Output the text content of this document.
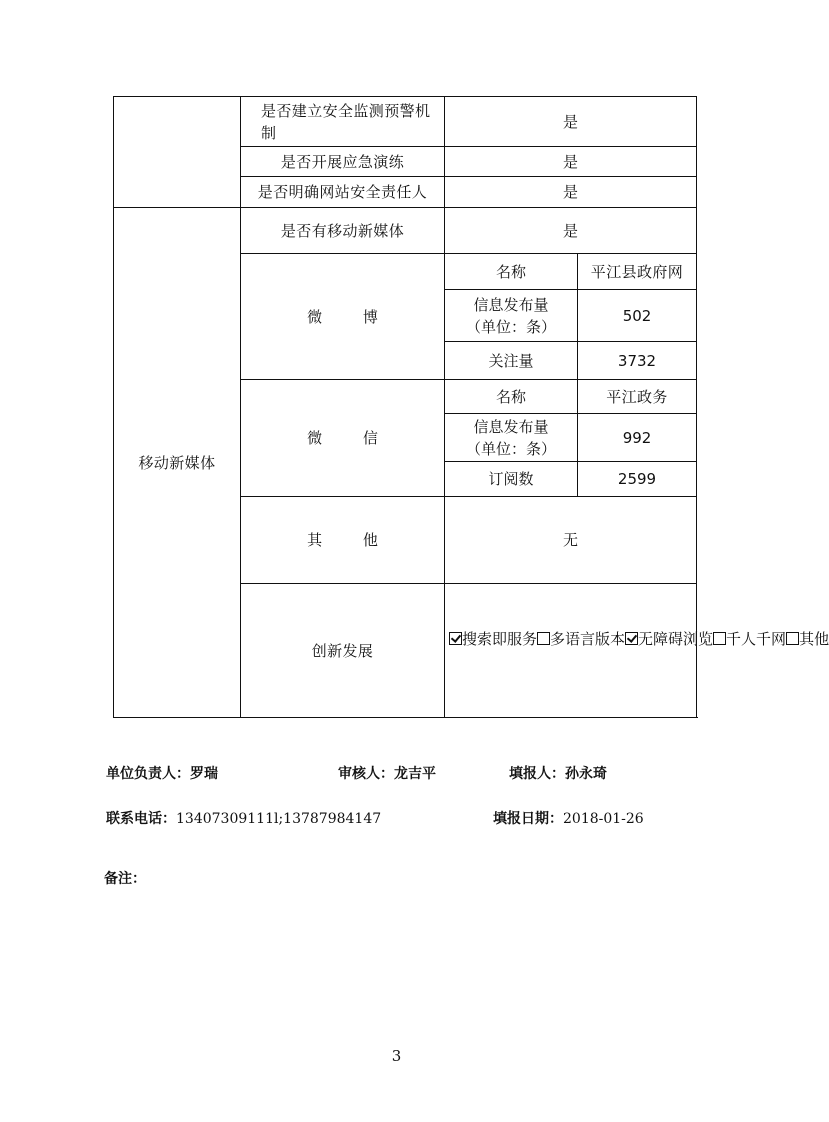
	是否建立安全监测预警机制	是	
	是否开展应急演练	是	
	是否明确网站安全责任人	是	
移动新媒体	是否有移动新媒体	是	
	微 博	名称	平江县政府网

		信息发布量
（单位：条）	502
		关注量	3732
	微 信	名称	平江政务

		信息发布量
（单位：条）	992
		订阅数	2599
	其 他	无	
	创新发展	搜索即服务 多语言版本 无障碍浏览 千人千网 其他	
单位负责人：罗瑞	审核人：龙吉平	填报人：孙永琦
联系电话：13407309111l;13787984147	填报日期：2018-01-26
备注：
3
